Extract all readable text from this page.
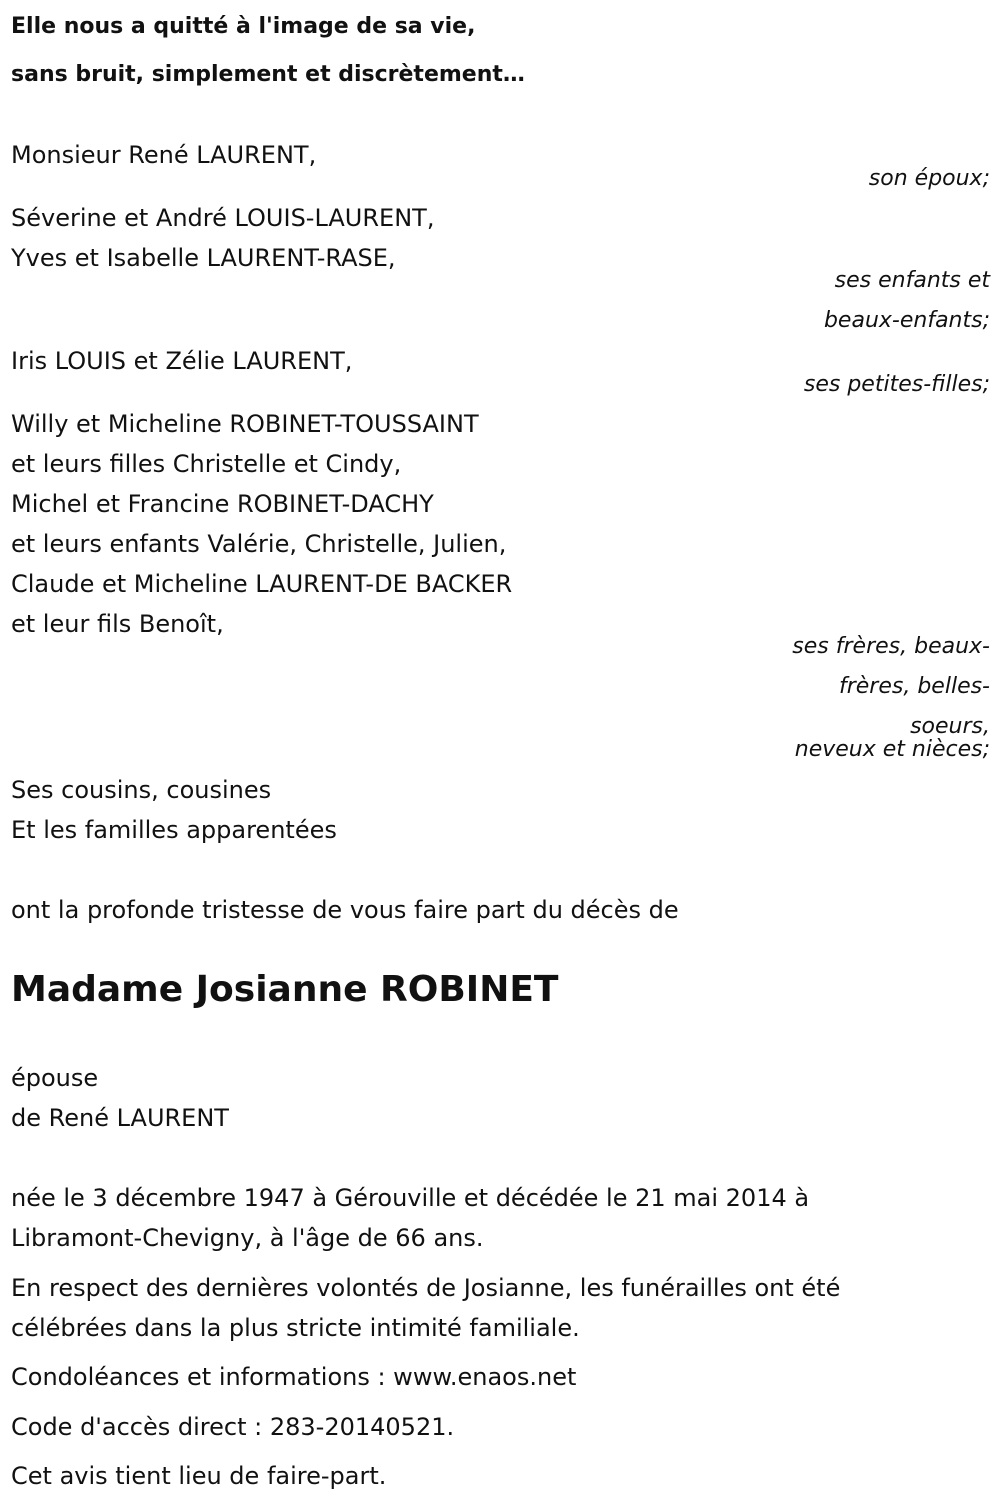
Elle nous a quitté à l'image de sa vie,
sans bruit, simplement et discrètement…
Monsieur René LAURENT,
son époux;
Séverine et André LOUIS-LAURENT,
Yves et Isabelle LAURENT-RASE,
ses enfants et
beaux-enfants;
Iris LOUIS et Zélie LAURENT,
ses petites-filles;
Willy et Micheline ROBINET-TOUSSAINT
et leurs filles Christelle et Cindy,
Michel et Francine ROBINET-DACHY
et leurs enfants Valérie, Christelle, Julien,
Claude et Micheline LAURENT-DE BACKER
et leur fils Benoît,
ses frères, beaux-
frères, belles-
soeurs,
neveux et nièces;
Ses cousins, cousines
Et les familles apparentées
ont la profonde tristesse de vous faire part du décès de
Madame Josianne ROBINET
épouse
de René LAURENT
née le 3 décembre 1947 à Gérouville et décédée le 21 mai 2014 à
Libramont-Chevigny, à l'âge de 66 ans.
En respect des dernières volontés de Josianne, les funérailles ont été
célébrées dans la plus stricte intimité familiale.
Condoléances et informations : www.enaos.net
Code d'accès direct : 283-20140521.
Cet avis tient lieu de faire-part.
